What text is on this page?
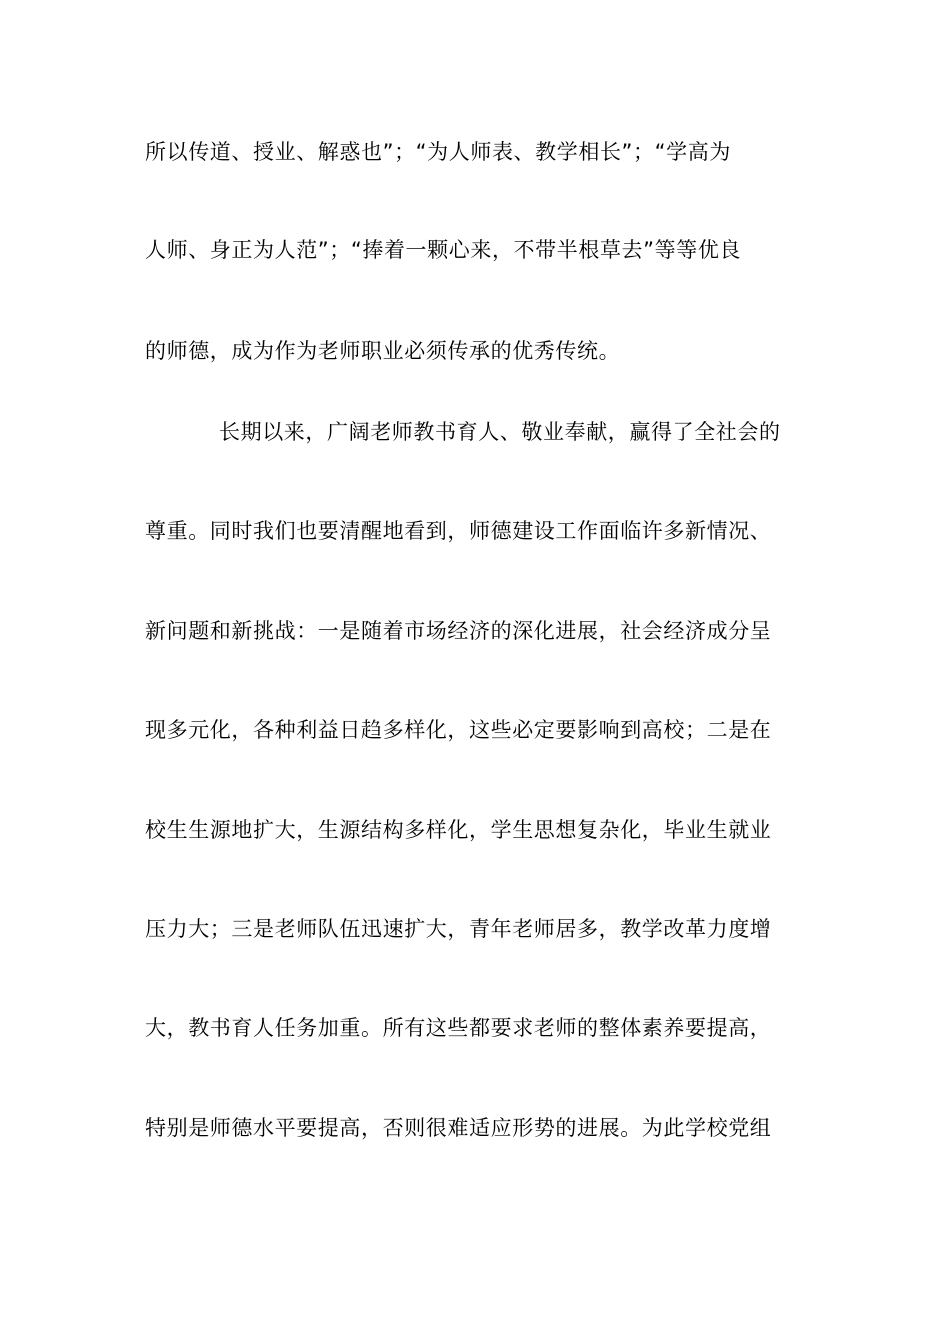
所以传道、授业、解惑也”；“为人师表、教学相长”；“学高为
人师、身正为人范”；“捧着一颗心来，不带半根草去”等等优良
的师德，成为作为老师职业必须传承的优秀传统。
长期以来，广阔老师教书育人、敬业奉献，赢得了全社会的
尊重。同时我们也要清醒地看到，师德建设工作面临许多新情况、
新问题和新挑战：一是随着市场经济的深化进展，社会经济成分呈
现多元化，各种利益日趋多样化，这些必定要影响到高校；二是在
校生生源地扩大，生源结构多样化，学生思想复杂化，毕业生就业
压力大；三是老师队伍迅速扩大，青年老师居多，教学改革力度增
大，教书育人任务加重。所有这些都要求老师的整体素养要提高，
特别是师德水平要提高，否则很难适应形势的进展。为此学校党组
